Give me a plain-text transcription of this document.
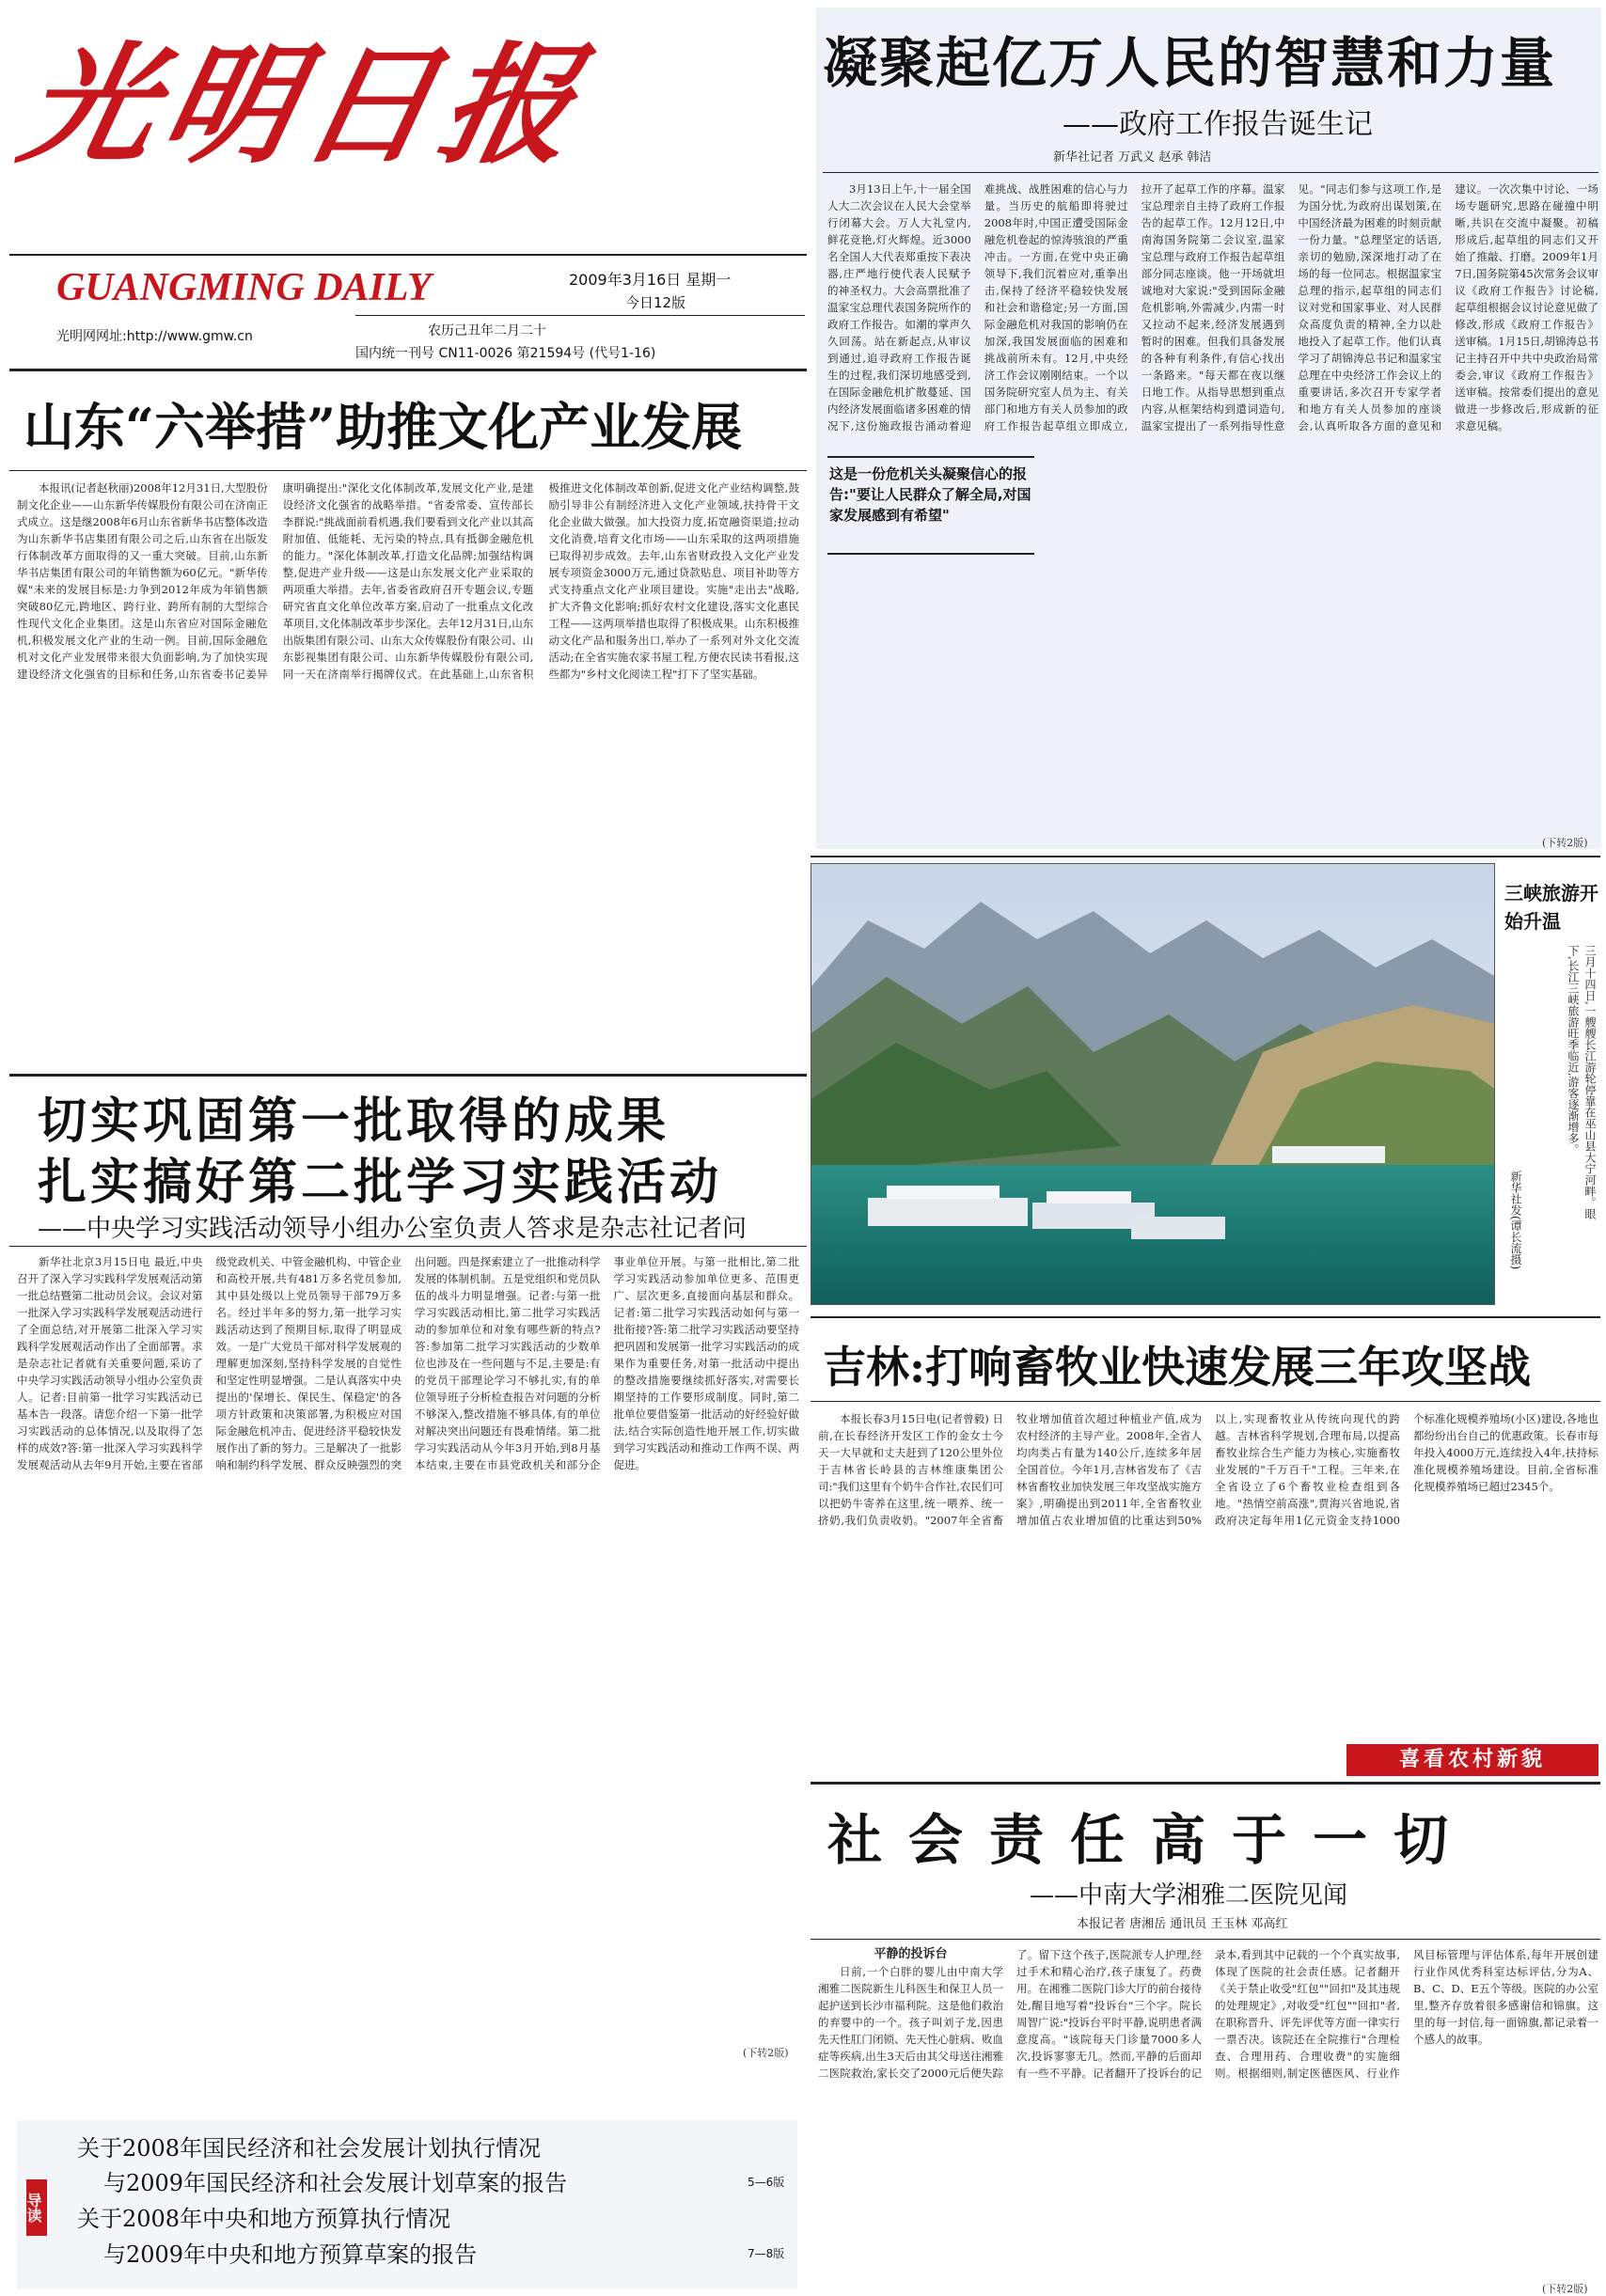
光明日报
GUANGMING DAILY
光明网网址:http://www.gmw.cn
2009年3月16日 星期一
今日12版
农历己丑年二月二十
国内统一刊号 CN11-0026 第21594号 (代号1-16)
凝聚起亿万人民的智慧和力量
——政府工作报告诞生记
新华社记者 万武义 赵承 韩洁
这是一份危机关头凝聚信心的报告:"要让人民群众了解全局,对国家发展感到有希望"

3月13日上午,十一届全国人大二次会议在人民大会堂举行闭幕大会。万人大礼堂内,鲜花竞艳,灯火辉煌。近3000名全国人大代表郑重按下表决器,庄严地行使代表人民赋予的神圣权力。大会高票批准了温家宝总理代表国务院所作的政府工作报告。如潮的掌声久久回荡。站在新起点,从审议到通过,追寻政府工作报告诞生的过程,我们深切地感受到,在国际金融危机扩散蔓延、国内经济发展面临诸多困难的情况下,这份施政报告涌动着迎难挑战、战胜困难的信心与力量。当历史的航船即将驶过2008年时,中国正遭受国际金融危机卷起的惊涛骇浪的严重冲击。一方面,在党中央正确领导下,我们沉着应对,重拳出击,保持了经济平稳较快发展和社会和谐稳定;另一方面,国际金融危机对我国的影响仍在加深,我国发展面临的困难和挑战前所未有。12月,中央经济工作会议刚刚结束。一个以国务院研究室人员为主、有关部门和地方有关人员参加的政府工作报告起草组立即成立,拉开了起草工作的序幕。温家宝总理亲自主持了政府工作报告的起草工作。12月12日,中南海国务院第二会议室,温家宝总理与政府工作报告起草组部分同志座谈。他一开场就坦诚地对大家说:"受到国际金融危机影响,外需减少,内需一时又拉动不起来,经济发展遇到暂时的困难。但我们具备发展的各种有利条件,有信心找出一条路来。"每天都在夜以继日地工作。从指导思想到重点内容,从框架结构到遣词造句,温家宝提出了一系列指导性意见。"同志们参与这项工作,是为国分忧,为政府出谋划策,在中国经济最为困难的时刻贡献一份力量。"总理坚定的话语,亲切的勉励,深深地打动了在场的每一位同志。根据温家宝总理的指示,起草组的同志们议对党和国家事业、对人民群众高度负责的精神,全力以赴地投入了起草工作。他们认真学习了胡锦涛总书记和温家宝总理在中央经济工作会议上的重要讲话,多次召开专家学者和地方有关人员参加的座谈会,认真听取各方面的意见和建议。一次次集中讨论、一场场专题研究,思路在碰撞中明晰,共识在交流中凝聚。初稿形成后,起草组的同志们又开始了推敲、打磨。2009年1月7日,国务院第45次常务会议审议《政府工作报告》讨论稿,起草组根据会议讨论意见做了修改,形成《政府工作报告》送审稿。1月15日,胡锦涛总书记主持召开中共中央政治局常委会,审议《政府工作报告》送审稿。按常委们提出的意见做进一步修改后,形成新的征求意见稿。

(下转2版)
山东“六举措”助推文化产业发展

本报讯(记者赵秋丽)2008年12月31日,大型股份制文化企业——山东新华传媒股份有限公司在济南正式成立。这是继2008年6月山东省新华书店整体改造为山东新华书店集团有限公司之后,山东省在出版发行体制改革方面取得的又一重大突破。目前,山东新华书店集团有限公司的年销售额为60亿元。"新华传媒"未来的发展目标是:力争到2012年成为年销售额突破80亿元,跨地区、跨行业、跨所有制的大型综合性现代文化企业集团。这是山东省应对国际金融危机,积极发展文化产业的生动一例。目前,国际金融危机对文化产业发展带来很大负面影响,为了加快实现建设经济文化强省的目标和任务,山东省委书记姜异康明确提出:"深化文化体制改革,发展文化产业,是建设经济文化强省的战略举措。"省委常委、宣传部长李群说:"挑战面前看机遇,我们要看到文化产业以其高附加值、低能耗、无污染的特点,具有抵御金融危机的能力。"深化体制改革,打造文化品牌;加强结构调整,促进产业升级——这是山东发展文化产业采取的两项重大举措。去年,省委省政府召开专题会议,专题研究省直文化单位改革方案,启动了一批重点文化改革项目,文化体制改革步步深化。去年12月31日,山东出版集团有限公司、山东大众传媒股份有限公司、山东影视集团有限公司、山东新华传媒股份有限公司,同一天在济南举行揭牌仪式。在此基础上,山东省积极推进文化体制改革创新,促进文化产业结构调整,鼓励引导非公有制经济进入文化产业领域,扶持骨干文化企业做大做强。加大投资力度,拓宽融资渠道;拉动文化消费,培育文化市场——山东采取的这两项措施已取得初步成效。去年,山东省财政投入文化产业发展专项资金3000万元,通过贷款贴息、项目补助等方式支持重点文化产业项目建设。实施"走出去"战略,扩大齐鲁文化影响;抓好农村文化建设,落实文化惠民工程——这两项举措也取得了积极成果。山东积极推动文化产品和服务出口,举办了一系列对外文化交流活动;在全省实施农家书屋工程,方便农民读书看报,这些都为"乡村文化阅读工程"打下了坚实基础。

切实巩固第一批取得的成果
扎实搞好第二批学习实践活动
——中央学习实践活动领导小组办公室负责人答求是杂志社记者问

新华社北京3月15日电 最近,中央召开了深入学习实践科学发展观活动第一批总结暨第二批动员会议。会议对第一批深入学习实践科学发展观活动进行了全面总结,对开展第二批深入学习实践科学发展观活动作出了全面部署。求是杂志社记者就有关重要问题,采访了中央学习实践活动领导小组办公室负责人。记者:目前第一批学习实践活动已基本告一段落。请您介绍一下第一批学习实践活动的总体情况,以及取得了怎样的成效?答:第一批深入学习实践科学发展观活动从去年9月开始,主要在省部级党政机关、中管金融机构、中管企业和高校开展,共有481万多名党员参加,其中县处级以上党员领导干部79万多名。经过半年多的努力,第一批学习实践活动达到了预期目标,取得了明显成效。一是广大党员干部对科学发展观的理解更加深刻,坚持科学发展的自觉性和坚定性明显增强。二是认真落实中央提出的'保增长、保民生、保稳定'的各项方针政策和决策部署,为积极应对国际金融危机冲击、促进经济平稳较快发展作出了新的努力。三是解决了一批影响和制约科学发展、群众反映强烈的突出问题。四是探索建立了一批推动科学发展的体制机制。五是党组织和党员队伍的战斗力明显增强。记者:与第一批学习实践活动相比,第二批学习实践活动的参加单位和对象有哪些新的特点?答:参加第二批学习实践活动的少数单位也涉及在一些问题与不足,主要是:有的党员干部理论学习不够扎实,有的单位领导班子分析检查报告对问题的分析不够深入,整改措施不够具体,有的单位对解决突出问题还有畏难情绪。第二批学习实践活动从今年3月开始,到8月基本结束,主要在市县党政机关和部分企事业单位开展。与第一批相比,第二批学习实践活动参加单位更多、范围更广、层次更多,直接面向基层和群众。记者:第二批学习实践活动如何与第一批衔接?答:第二批学习实践活动要坚持把巩固和发展第一批学习实践活动的成果作为重要任务,对第一批活动中提出的整改措施要继续抓好落实,对需要长期坚持的工作要形成制度。同时,第二批单位要借鉴第一批活动的好经验好做法,结合实际创造性地开展工作,切实做到学习实践活动和推动工作两不误、两促进。

(下转2版)
三峡旅游开始升温
三月十四日,一艘艘长江游轮停靠在巫山县大宁河畔。眼下,长江三峡旅游旺季临近,游客逐渐增多。
新华社发(谭长流摄)
吉林:打响畜牧业快速发展三年攻坚战

本报长春3月15日电(记者曾毅) 日前,在长春经济开发区工作的金女士今天一大早就和丈夫赶到了120公里外位于吉林省长岭县的吉林维康集团公司:"我们这里有个奶牛合作社,农民们可以把奶牛寄养在这里,统一喂养、统一挤奶,我们负责收奶。"2007年全省畜牧业增加值首次超过种植业产值,成为农村经济的主导产业。2008年,全省人均肉类占有量为140公斤,连续多年居全国首位。今年1月,吉林省发布了《吉林省畜牧业加快发展三年攻坚战实施方案》,明确提出到2011年,全省畜牧业增加值占农业增加值的比重达到50%以上,实现畜牧业从传统向现代的跨越。吉林省科学规划,合理布局,以提高畜牧业综合生产能力为核心,实施畜牧业发展的"千万百千"工程。三年来,在全省设立了6个畜牧业检查组到各地。"热情空前高涨",贾海兴省地说,省政府决定每年用1亿元资金支持1000个标准化规模养殖场(小区)建设,各地也都纷纷出台自己的优惠政策。长春市每年投入4000万元,连续投入4年,扶持标准化规模养殖场建设。目前,全省标准化规模养殖场已超过2345个。

喜看农村新貌
社会责任高于一切
——中南大学湘雅二医院见闻
本报记者 唐湘岳 通讯员 王玉林 邓高红

平静的投诉台

日前,一个白胖的婴儿由中南大学湘雅二医院新生儿科医生和保卫人员一起护送到长沙市福利院。这是他们救治的弃婴中的一个。孩子叫刘子龙,因患先天性肛门闭锁、先天性心脏病、败血症等疾病,出生3天后由其父母送往湘雅二医院救治,家长交了2000元后便失踪了。留下这个孩子,医院派专人护理,经过手术和精心治疗,孩子康复了。药费用。在湘雅二医院门诊大厅的前台接待处,醒目地写着"投诉台"三个字。院长周智广说:"投诉台平时平静,说明患者满意度高。"该院每天门诊量7000多人次,投诉寥寥无几。然而,平静的后面却有一些不平静。记者翻开了投诉台的记录本,看到其中记载的一个个真实故事,体现了医院的社会责任感。记者翻开《关于禁止收受"红包""回扣"及其违规的处理规定》,对收受"红包""回扣"者,在职称晋升、评先评优等方面一律实行一票否决。该院还在全院推行"合理检查、合理用药、合理收费"的实施细则。根据细则,制定医德医风、行业作风目标管理与评估体系,每年开展创建行业作风优秀科室达标评估,分为A、B、C、D、E五个等级。医院的办公室里,整齐存放着很多感谢信和锦旗。这里的每一封信,每一面锦旗,都记录着一个感人的故事。

(下转2版)
导读
关于2008年国民经济和社会发展计划执行情况
与2009年国民经济和社会发展计划草案的报告	5—6版
关于2008年中央和地方预算执行情况
与2009年中央和地方预算草案的报告	7—8版
